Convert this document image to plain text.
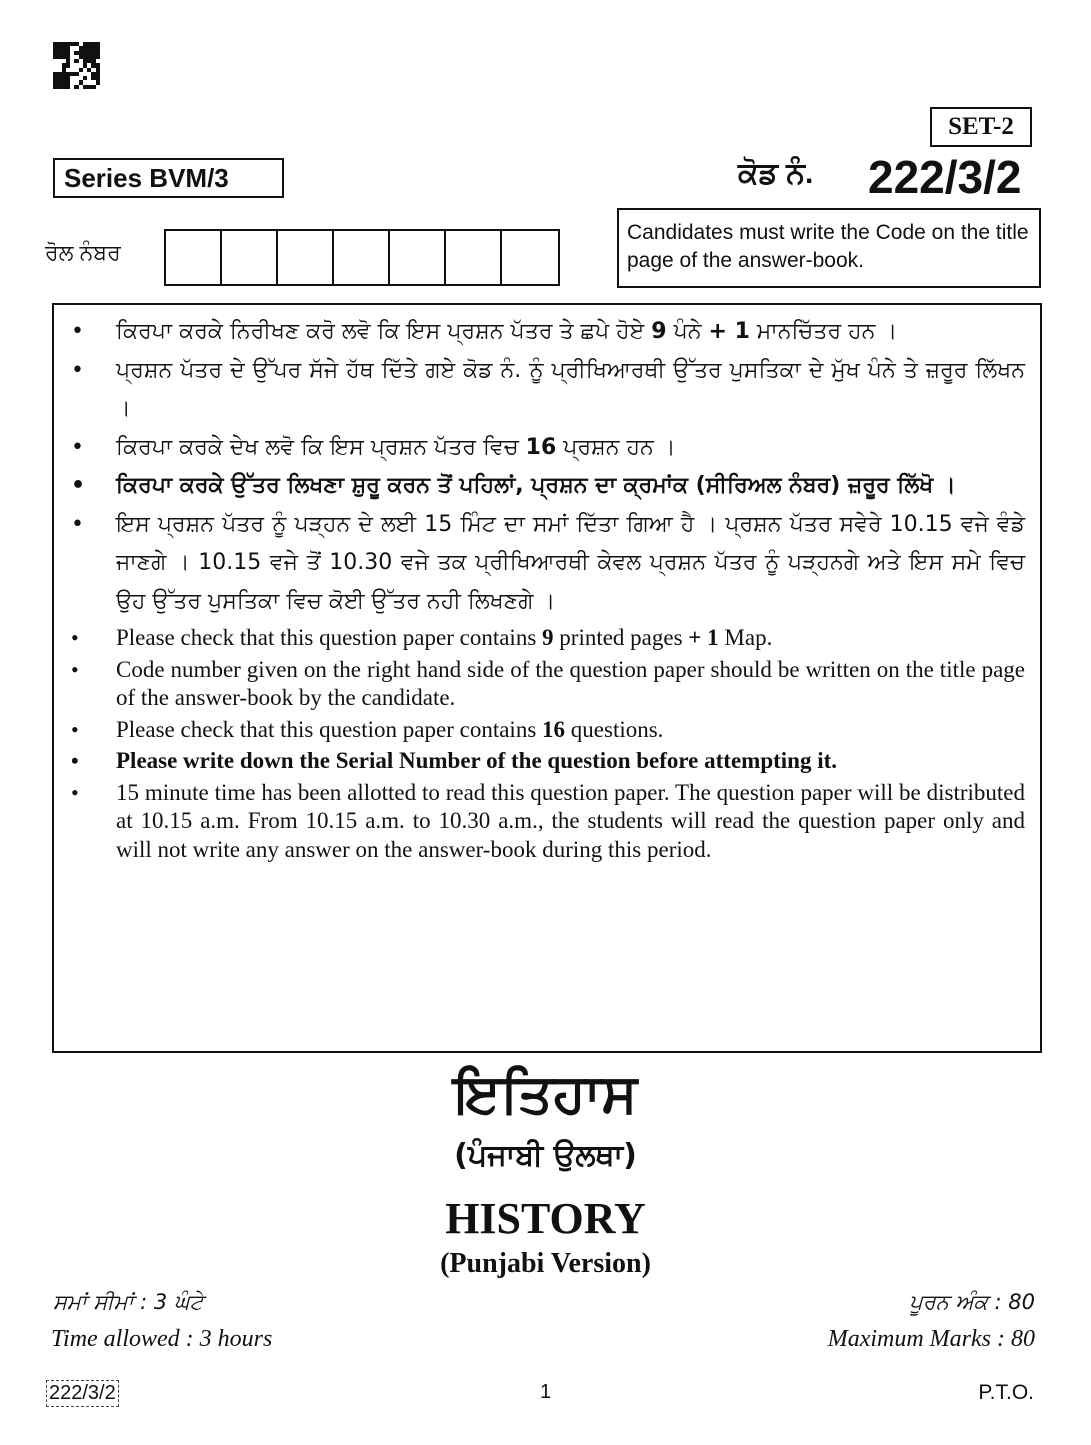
SET-2
Series BVM/3	ਕੋਡ ਨੰ. 222/3/2
ਰੋਲ ਨੰਬਰ
Candidates must write the Code on the title page of the answer-book.
• ਕਿਰਪਾ ਕਰਕੇ ਨਿਰੀਖਣ ਕਰੋ ਲਵੋ ਕਿ ਇਸ ਪ੍ਰਸ਼ਨ ਪੱਤਰ ਤੇ ਛਪੇ ਹੋਏ 9 ਪੰਨੇ + 1 ਮਾਨਚਿੱਤਰ ਹਨ ।
• ਪ੍ਰਸ਼ਨ ਪੱਤਰ ਦੇ ਉੱਪਰ ਸੱਜੇ ਹੱਥ ਦਿੱਤੇ ਗਏ ਕੋਡ ਨੰ. ਨੂੰ ਪ੍ਰੀਖਿਆਰਥੀ ਉੱਤਰ ਪੁਸਤਿਕਾ ਦੇ ਮੁੱਖ ਪੰਨੇ ਤੇ ਜ਼ਰੂਰ ਲਿੱਖਨ ।
• ਕਿਰਪਾ ਕਰਕੇ ਦੇਖ ਲਵੋ ਕਿ ਇਸ ਪ੍ਰਸ਼ਨ ਪੱਤਰ ਵਿਚ 16 ਪ੍ਰਸ਼ਨ ਹਨ ।
• ਕਿਰਪਾ ਕਰਕੇ ਉੱਤਰ ਲਿਖਣਾ ਸ਼ੁਰੂ ਕਰਨ ਤੋਂ ਪਹਿਲਾਂ, ਪ੍ਰਸ਼ਨ ਦਾ ਕ੍ਰਮਾਂਕ (ਸੀਰਿਅਲ ਨੰਬਰ) ਜ਼ਰੂਰ ਲਿੱਖੋ ।
• ਇਸ ਪ੍ਰਸ਼ਨ ਪੱਤਰ ਨੂੰ ਪੜ੍ਹਨ ਦੇ ਲਈ 15 ਮਿੰਟ ਦਾ ਸਮਾਂ ਦਿੱਤਾ ਗਿਆ ਹੈ । ਪ੍ਰਸ਼ਨ ਪੱਤਰ ਸਵੇਰੇ 10.15 ਵਜੇ ਵੰਡੇ ਜਾਣਗੇ । 10.15 ਵਜੇ ਤੋਂ 10.30 ਵਜੇ ਤਕ ਪ੍ਰੀਖਿਆਰਥੀ ਕੇਵਲ ਪ੍ਰਸ਼ਨ ਪੱਤਰ ਨੂੰ ਪੜ੍ਹਨਗੇ ਅਤੇ ਇਸ ਸਮੇ ਵਿਚ ਉਹ ਉੱਤਰ ਪੁਸਤਿਕਾ ਵਿਚ ਕੋਈ ਉੱਤਰ ਨਹੀ ਲਿਖਣਗੇ ।
• Please check that this question paper contains 9 printed pages + 1 Map.
• Code number given on the right hand side of the question paper should be written on the title page of the answer-book by the candidate.
• Please check that this question paper contains 16 questions.
• Please write down the Serial Number of the question before attempting it.
• 15 minute time has been allotted to read this question paper. The question paper will be distributed at 10.15 a.m. From 10.15 a.m. to 10.30 a.m., the students will read the question paper only and will not write any answer on the answer-book during this period.
ਇਤਿਹਾਸ
(ਪੰਜਾਬੀ ਉਲਥਾ)
HISTORY
(Punjabi Version)
ਸਮਾਂ ਸੀਮਾਂ : 3 ਘੰਟੇ
Time allowed : 3 hours
ਪੂਰਨ ਅੰਕ : 80
Maximum Marks : 80
222/3/2	1	P.T.O.
